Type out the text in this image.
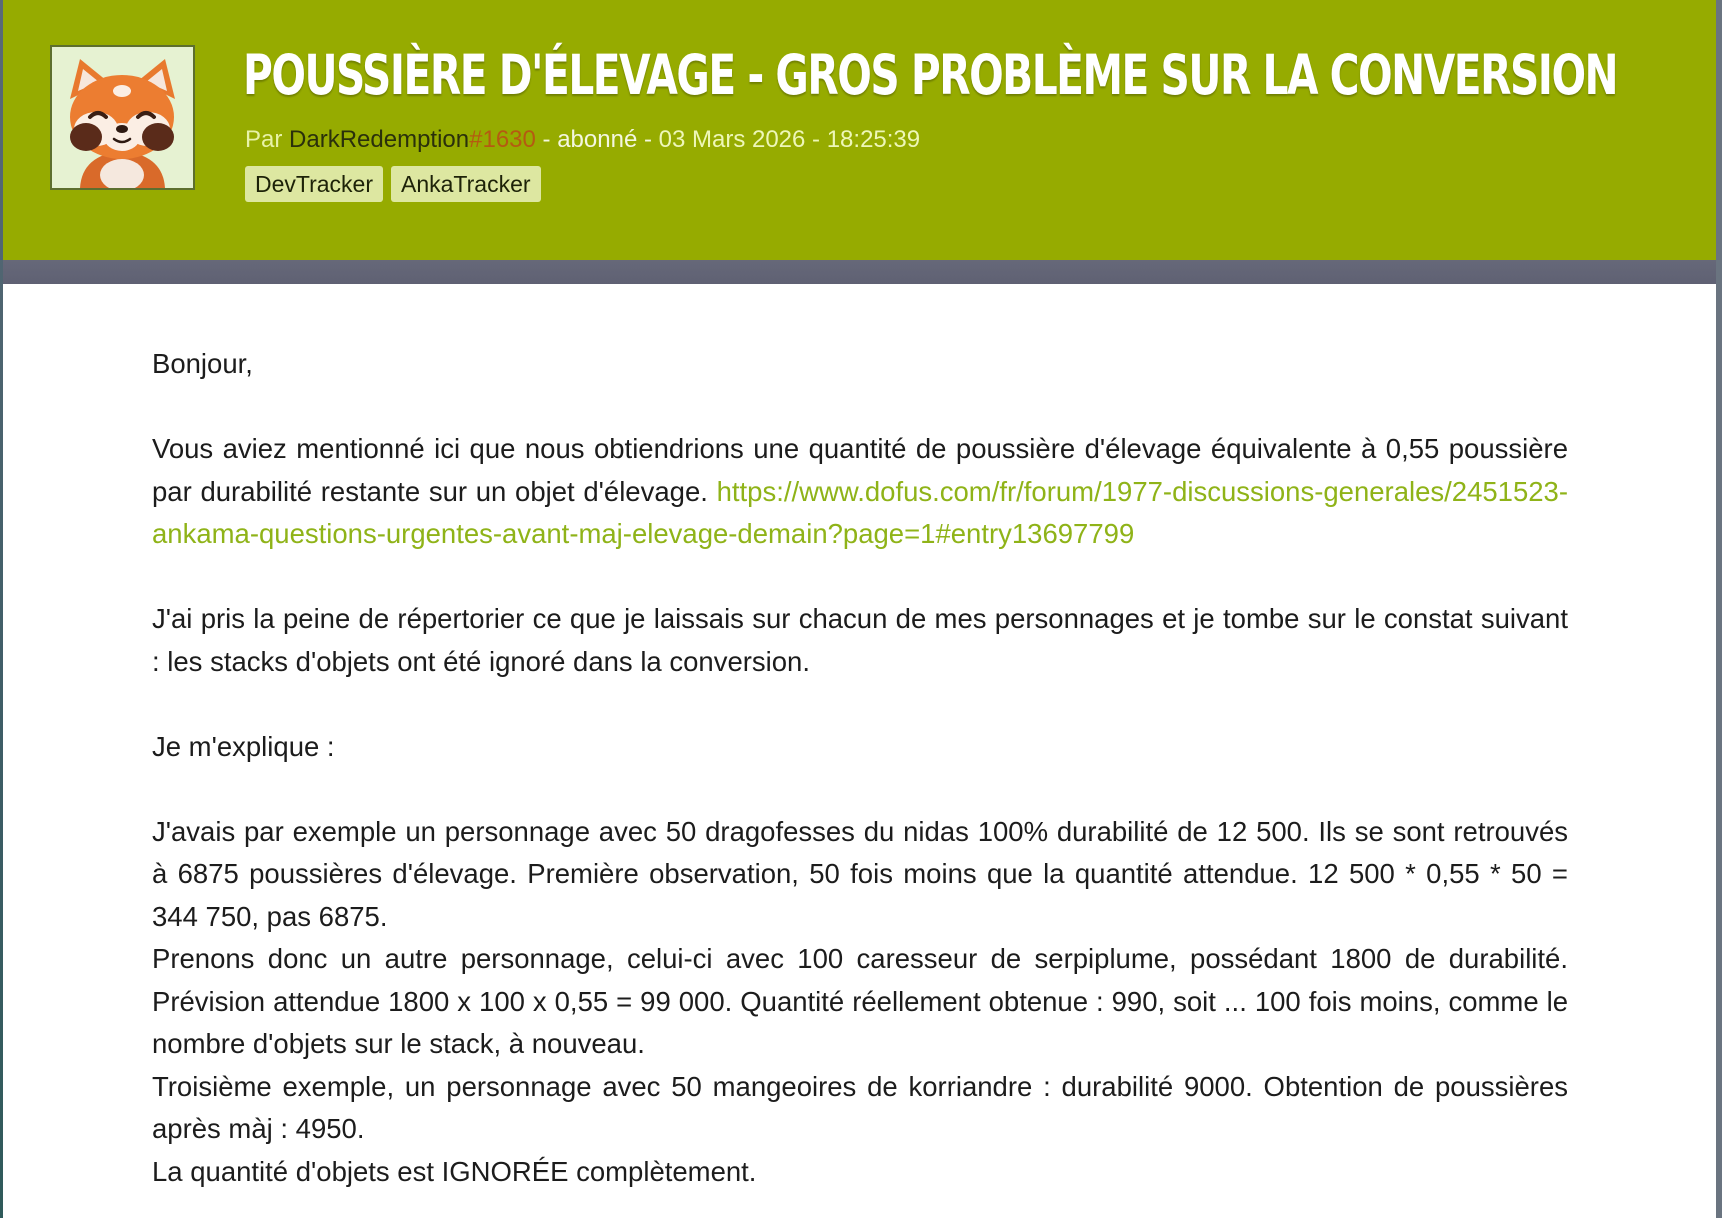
POUSSIÈRE D'ÉLEVAGE - GROS PROBLÈME SUR LA CONVERSION
Par DarkRedemption#1630 - abonné - 03 Mars 2026 - 18:25:39
DevTracker	AnkaTracker

Bonjour,

Vous aviez mentionné ici que nous obtiendrions une quantité de poussière d'élevage équivalente à 0,55 poussière par durabilité restante sur un objet d'élevage. https://www.dofus.com/fr/forum/1977-discussions-generales/2451523-ankama-questions-urgentes-avant-maj-elevage-demain?page=1#entry13697799

J'ai pris la peine de répertorier ce que je laissais sur chacun de mes personnages et je tombe sur le constat suivant : les stacks d'objets ont été ignoré dans la conversion.

Je m'explique :

J'avais par exemple un personnage avec 50 dragofesses du nidas 100% durabilité de 12 500. Ils se sont retrouvés à 6875 poussières d'élevage. Première observation, 50 fois moins que la quantité attendue. 12 500 * 0,55 * 50 = 344 750, pas 6875.

Prenons donc un autre personnage, celui-ci avec 100 caresseur de serpiplume, possédant 1800 de durabilité. Prévision attendue 1800 x 100 x 0,55 = 99 000. Quantité réellement obtenue : 990, soit ... 100 fois moins, comme le nombre d'objets sur le stack, à nouveau.

Troisième exemple, un personnage avec 50 mangeoires de korriandre : durabilité 9000. Obtention de poussières après màj : 4950.

La quantité d'objets est IGNORÉE complètement.
